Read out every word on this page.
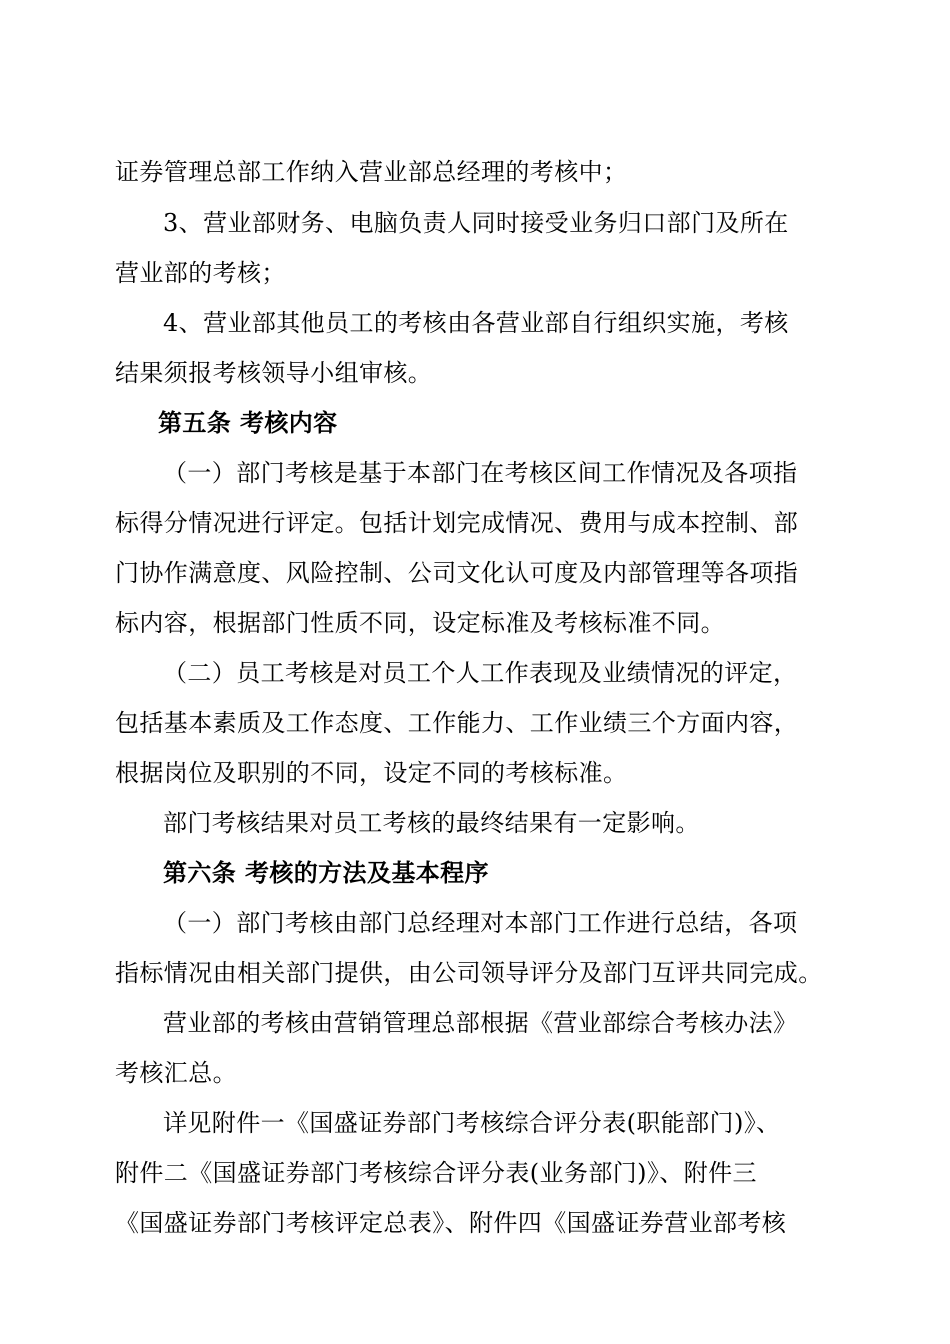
证券管理总部工作纳入营业部总经理的考核中；
3、营业部财务、电脑负责人同时接受业务归口部门及所在
营业部的考核；
4、营业部其他员工的考核由各营业部自行组织实施，考核
结果须报考核领导小组审核。
第五条 考核内容
（一）部门考核是基于本部门在考核区间工作情况及各项指
标得分情况进行评定。包括计划完成情况、费用与成本控制、部
门协作满意度、风险控制、公司文化认可度及内部管理等各项指
标内容，根据部门性质不同，设定标准及考核标准不同。
（二）员工考核是对员工个人工作表现及业绩情况的评定，
包括基本素质及工作态度、工作能力、工作业绩三个方面内容，
根据岗位及职别的不同，设定不同的考核标准。
部门考核结果对员工考核的最终结果有一定影响。
第六条 考核的方法及基本程序
（一）部门考核由部门总经理对本部门工作进行总结，各项
指标情况由相关部门提供，由公司领导评分及部门互评共同完成。
营业部的考核由营销管理总部根据《营业部综合考核办法》
考核汇总。
详见附件一《国盛证券部门考核综合评分表(职能部门)》、
附件二《国盛证券部门考核综合评分表(业务部门)》、附件三
《国盛证券部门考核评定总表》、附件四《国盛证券营业部考核
